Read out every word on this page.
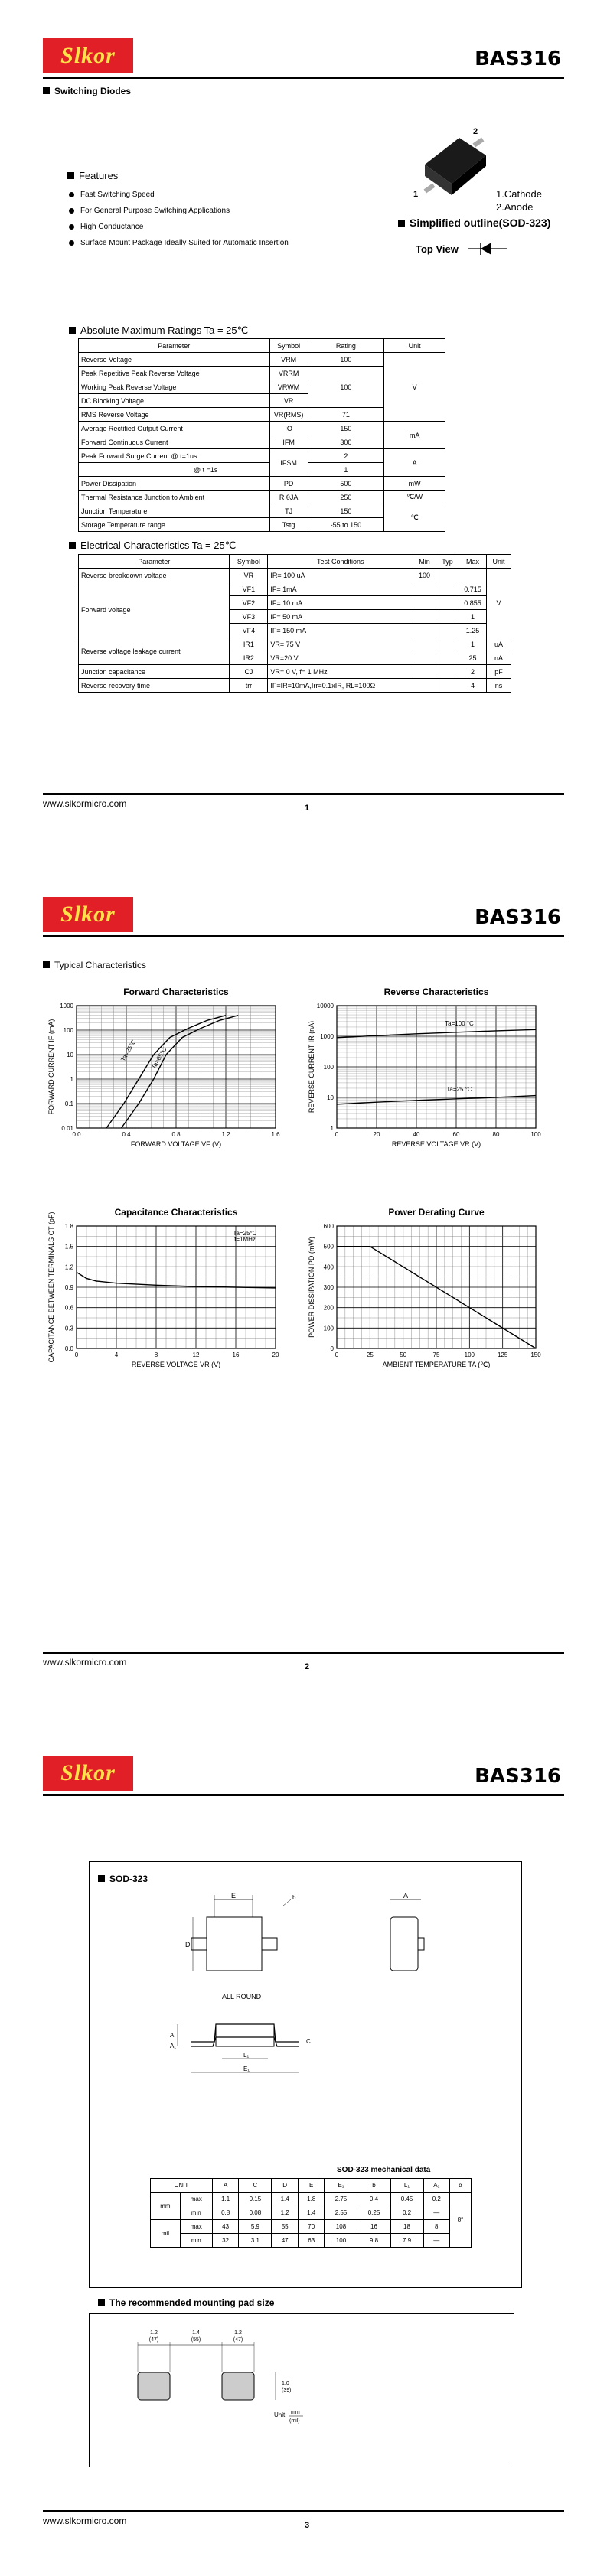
Slkor	BAS316
Switching Diodes
Features
Fast Switching Speed
For General Purpose Switching Applications
High Conductance
Surface Mount Package Ideally Suited for Automatic Insertion
2
1	1.Cathode
2.Anode
Simplified outline(SOD-323)
Top View
Absolute Maximum Ratings Ta = 25℃
Parameter	Symbol	Rating	Unit
Reverse Voltage	VRM	100	V
Peak Repetitive Peak Reverse Voltage	VRRM	100	
Working Peak Reverse Voltage	VRWM		
DC Blocking Voltage	VR		
RMS Reverse Voltage	VR(RMS)	71	
Average Rectified Output Current	IO	150	mA
Forward Continuous Current	IFM	300	
Peak Forward Surge Current @ t=1us	IFSM	2	A
@ t =1s		1	
Power Dissipation	PD	500	mW
Thermal Resistance Junction to Ambient	R θJA	250	℃/W
Junction Temperature	TJ	150	℃
Storage Temperature range	Tstg	-55 to 150	
Electrical Characteristics Ta = 25℃
Parameter	Symbol	Test Conditions	Min	Typ	Max	Unit
Reverse breakdown voltage	VR	IR= 100 uA	100			V
Forward voltage	VF1	IF= 1mA			0.715	
	VF2	IF= 10 mA			0.855	
	VF3	IF= 50 mA			1	
	VF4	IF= 150 mA			1.25	
Reverse voltage leakage current	IR1	VR= 75 V			1	uA
	IR2	VR=20 V			25	nA
Junction capacitance	CJ	VR= 0 V, f= 1 MHz			2	pF
Reverse recovery time	trr	IF=IR=10mA,Irr=0.1xIR, RL=100Ω			4	ns
www.slkormicro.com	1
Slkor	BAS316
Typical Characteristics
Forward Characteristics
0.0	0.4	0.8	1.2	1.6
0.01
0.1
1
10
100
1000
FORWARD VOLTAGE VF (V)
FORWARD CURRENT IF (mA)	Ta=25°C Ta=85°C
Reverse Characteristics
0	20	40	60	80	100
1
10
100
1000
10000
REVERSE VOLTAGE VR (V)
REVERSE CURRENT IR (nA)	Ta=100 °C
Ta=25 °C
Capacitance Characteristics
0	4	8	12	16	20
0.0
0.3
0.6
0.9
1.2
1.5
1.8
REVERSE VOLTAGE VR (V)
CAPACITANCE BETWEEN TERMINALS CT (pF)	Ta=25°C
f=1MHz
Power Derating Curve
0	25	50	75	100	125	150
0
100
200
300
400
500
600
AMBIENT TEMPERATURE TA (℃)
POWER DISSIPATION PD (mW)
www.slkormicro.com	2
Slkor	BAS316
www.slkormicro.com	3
SOD-323
E
D
b	A
ALL ROUND
A
A₁
C
L₁
E₁
SOD-323 mechanical data
UNIT		A	C	D	E	E₁	b	L₁	A₁	α
mm	max	1.1	0.15	1.4	1.8	2.75	0.4	0.45	0.2	8°
	min	0.8	0.08	1.2	1.4	2.55	0.25	0.2	—	
mil	max	43	5.9	55	70	108	16	18	8	
	min	32	3.1	47	63	100	9.8	7.9	—	
The recommended mounting pad size
1.2
(47)
1.4
(55)
1.2
(47)
1.0
(39)
Unit: mm
(mil)
